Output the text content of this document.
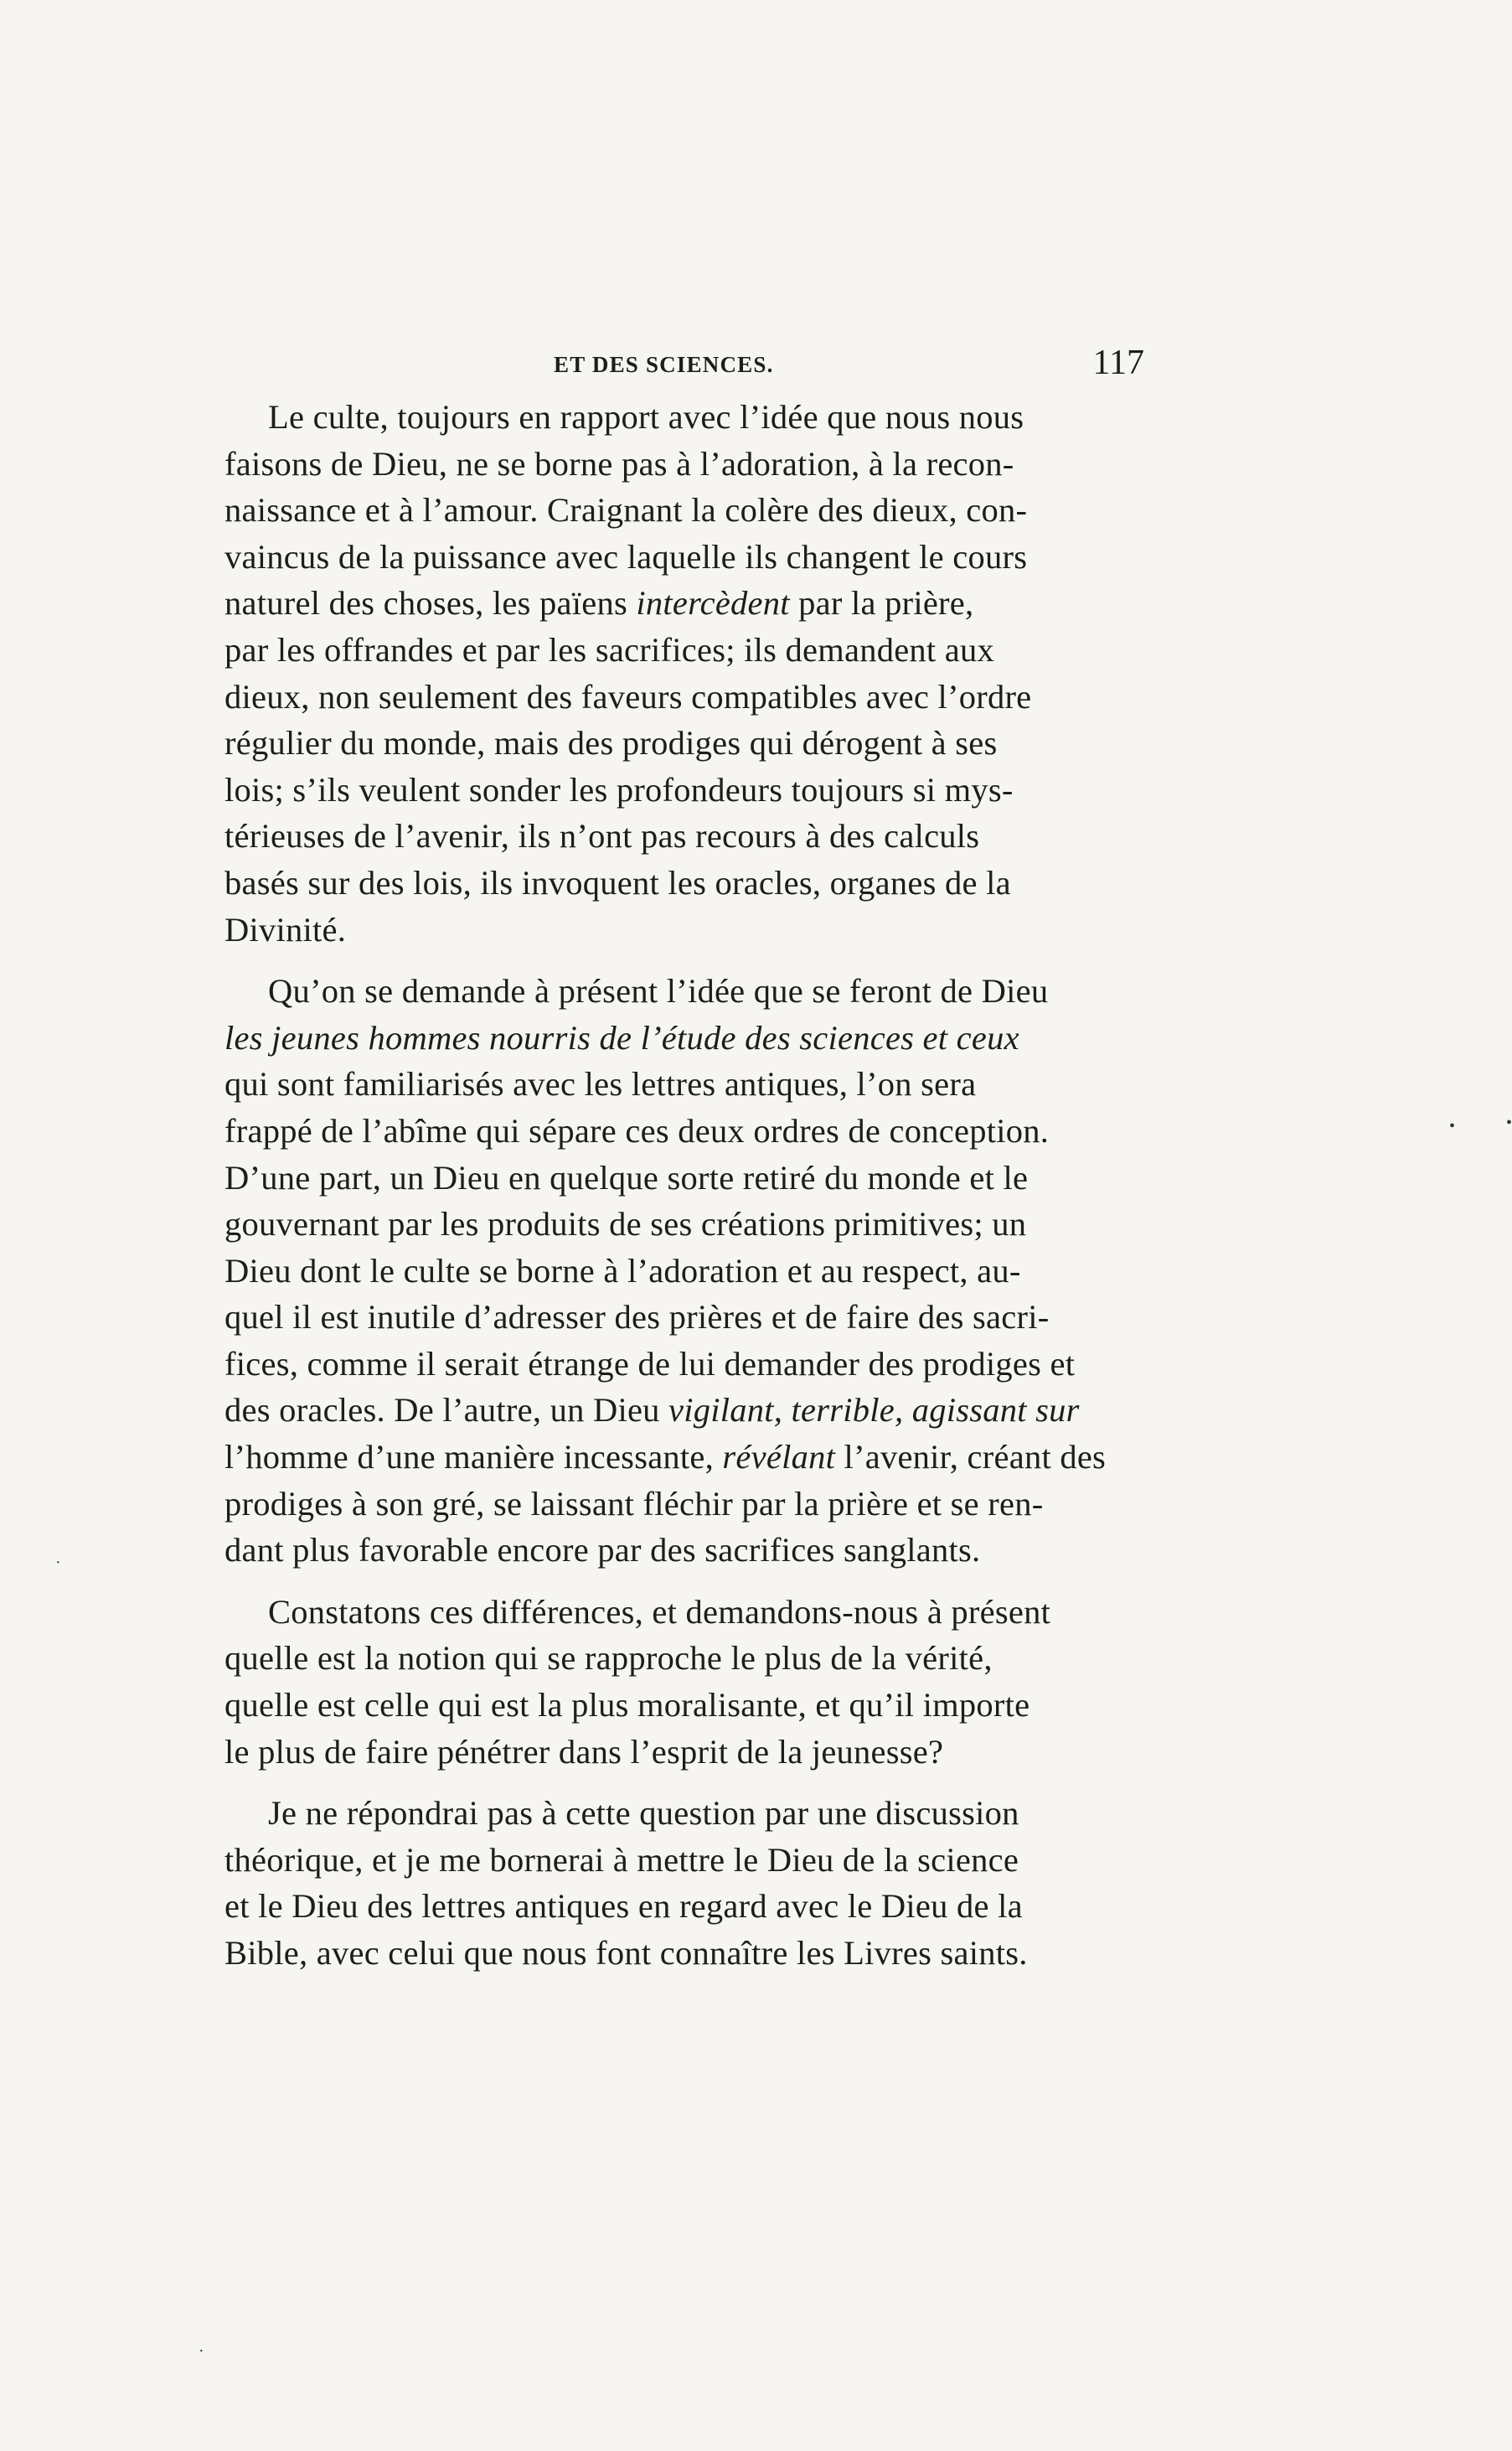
ET DES SCIENCES.	117
Le culte, toujours en rapport avec l’idée que nous nous
faisons de Dieu, ne se borne pas à l’adoration, à la recon-
naissance et à l’amour. Craignant la colère des dieux, con-
vaincus de la puissance avec laquelle ils changent le cours
naturel des choses, les païens intercèdent par la prière,
par les offrandes et par les sacrifices; ils demandent aux
dieux, non seulement des faveurs compatibles avec l’ordre
régulier du monde, mais des prodiges qui dérogent à ses
lois; s’ils veulent sonder les profondeurs toujours si mys-
térieuses de l’avenir, ils n’ont pas recours à des calculs
basés sur des lois, ils invoquent les oracles, organes de la
Divinité.
Qu’on se demande à présent l’idée que se feront de Dieu
les jeunes hommes nourris de l’étude des sciences et ceux
qui sont familiarisés avec les lettres antiques, l’on sera
frappé de l’abîme qui sépare ces deux ordres de conception.
D’une part, un Dieu en quelque sorte retiré du monde et le
gouvernant par les produits de ses créations primitives; un
Dieu dont le culte se borne à l’adoration et au respect, au-
quel il est inutile d’adresser des prières et de faire des sacri-
fices, comme il serait étrange de lui demander des prodiges et
des oracles. De l’autre, un Dieu vigilant, terrible, agissant sur
l’homme d’une manière incessante, révélant l’avenir, créant des
prodiges à son gré, se laissant fléchir par la prière et se ren-
dant plus favorable encore par des sacrifices sanglants.
Constatons ces différences, et demandons-nous à présent
quelle est la notion qui se rapproche le plus de la vérité,
quelle est celle qui est la plus moralisante, et qu’il importe
le plus de faire pénétrer dans l’esprit de la jeunesse?
Je ne répondrai pas à cette question par une discussion
théorique, et je me bornerai à mettre le Dieu de la science
et le Dieu des lettres antiques en regard avec le Dieu de la
Bible, avec celui que nous font connaître les Livres saints.
•
·
·
•
